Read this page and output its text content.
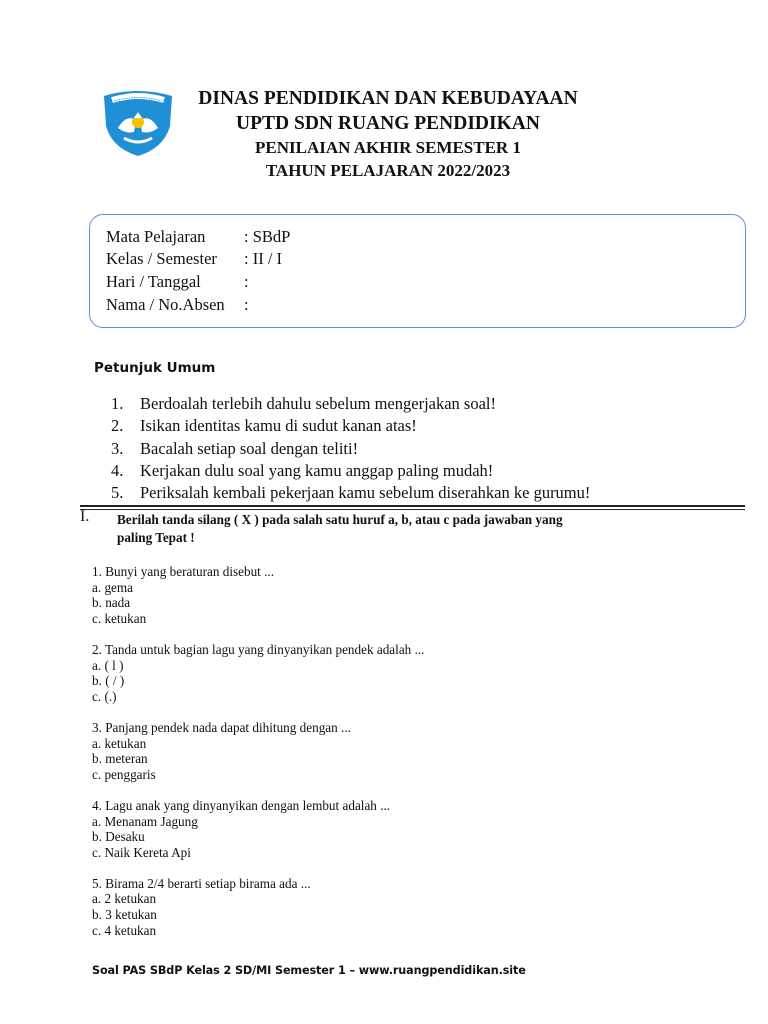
DINAS PENDIDIKAN DAN KEBUDAYAAN
UPTD SDN RUANG PENDIDIKAN
PENILAIAN AKHIR SEMESTER 1
TAHUN PELAJARAN 2022/2023
Mata Pelajaran : SBdP
Kelas / Semester : II / I
Hari / Tanggal	:
Nama / No.Absen :
Petunjuk Umum
1. Berdoalah terlebih dahulu sebelum mengerjakan soal!
2. Isikan identitas kamu di sudut kanan atas!
3. Bacalah setiap soal dengan teliti!
4. Kerjakan dulu soal yang kamu anggap paling mudah!
5. Periksalah kembali pekerjaan kamu sebelum diserahkan ke gurumu!
I. Berilah tanda silang ( X ) pada salah satu huruf a, b, atau c pada jawaban yang
paling Tepat !
1. Bunyi yang beraturan disebut ...
a. gema
b. nada
c. ketukan
2. Tanda untuk bagian lagu yang dinyanyikan pendek adalah ...
a. ( l )
b. ( / )
c. (.)
3. Panjang pendek nada dapat dihitung dengan ...
a. ketukan
b. meteran
c. penggaris
4. Lagu anak yang dinyanyikan dengan lembut adalah ...
a. Menanam Jagung
b. Desaku
c. Naik Kereta Api
5. Birama 2/4 berarti setiap birama ada ...
a. 2 ketukan
b. 3 ketukan
c. 4 ketukan
Soal PAS SBdP Kelas 2 SD/MI Semester 1 – www.ruangpendidikan.site
